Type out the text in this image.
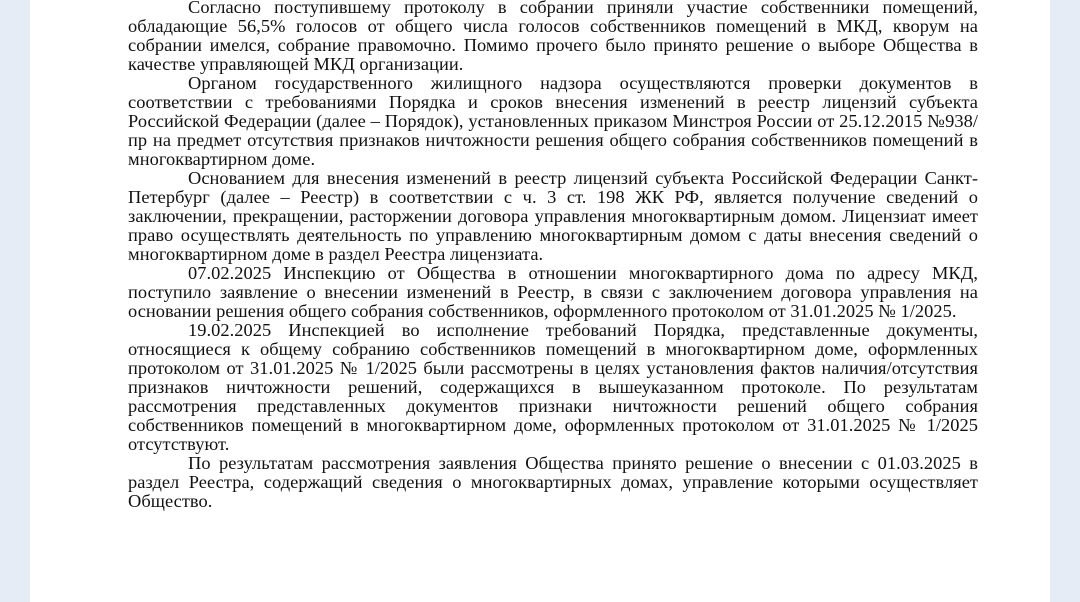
Согласно поступившему протоколу в собрании приняли участие собственники помещений, обладающие 56,5% голосов от общего числа голосов собственников помещений в МКД, кворум на собрании имелся, собрание правомочно. Помимо прочего было принято решение о выборе Общества в качестве управляющей МКД организации.

Органом государственного жилищного надзора осуществляются проверки документов в соответствии с требованиями Порядка и сроков внесения изменений в реестр лицензий субъекта Российской Федерации (далее – Порядок), установленных приказом Минстроя России от 25.12.2015 №938/пр на предмет отсутствия признаков ничтожности решения общего собрания собственников помещений в многоквартирном доме.

Основанием для внесения изменений в реестр лицензий субъекта Российской Федерации Санкт-Петербург (далее – Реестр) в соответствии с ч. 3 ст. 198 ЖК РФ, является получение сведений о заключении, прекращении, расторжении договора управления многоквартирным домом. Лицензиат имеет право осуществлять деятельность по управлению многоквартирным домом с даты внесения сведений о многоквартирном доме в раздел Реестра лицензиата.

07.02.2025 Инспекцию от Общества в отношении многоквартирного дома по адресу МКД, поступило заявление о внесении изменений в Реестр, в связи с заключением договора управления на основании решения общего собрания собственников, оформленного протоколом от 31.01.2025 № 1/2025.

19.02.2025 Инспекцией во исполнение требований Порядка, представленные документы, относящиеся к общему собранию собственников помещений в многоквартирном доме, оформленных протоколом от 31.01.2025 № 1/2025 были рассмотрены в целях установления фактов наличия/отсутствия признаков ничтожности решений, содержащихся в вышеуказанном протоколе. По результатам рассмотрения представленных документов признаки ничтожности решений общего собрания собственников помещений в многоквартирном доме, оформленных протоколом от 31.01.2025 № 1/2025 отсутствуют.

По результатам рассмотрения заявления Общества принято решение о внесении с 01.03.2025 в раздел Реестра, содержащий сведения о многоквартирных домах, управление которыми осуществляет Общество.
